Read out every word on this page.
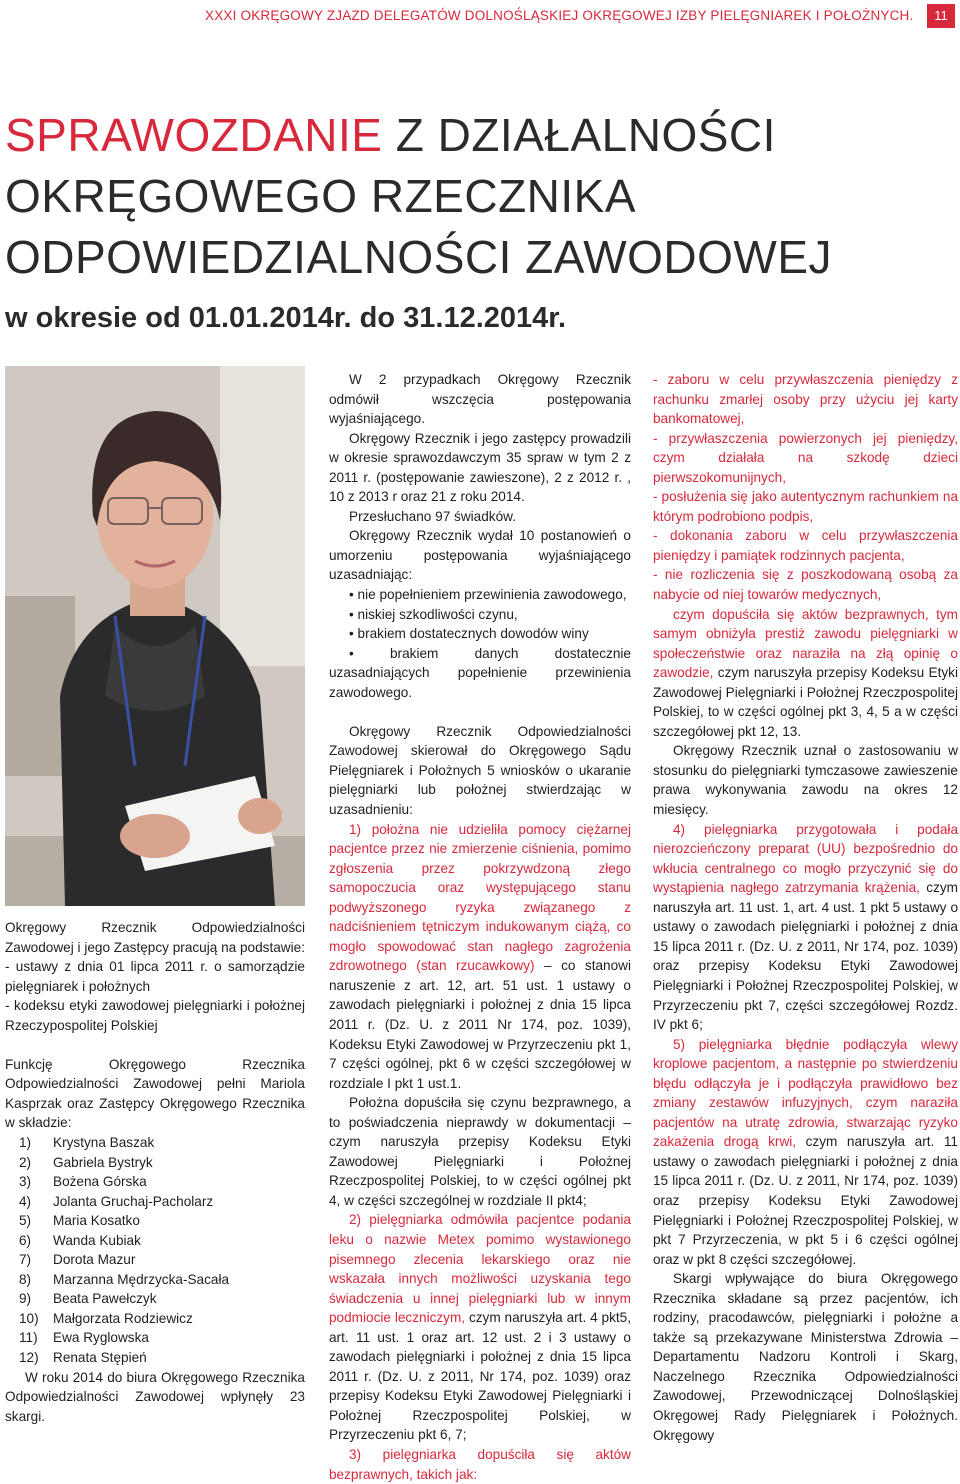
XXXI OKRĘGOWY ZJAZD DELEGATÓW DOLNOŚLĄSKIEJ OKRĘGOWEJ IZBY PIELĘGNIAREK I POŁOŻNYCH.	11
SPRAWOZDANIE Z DZIAŁALNOŚCI
OKRĘGOWEGO RZECZNIKA
ODPOWIEDZIALNOŚCI ZAWODOWEJ
w okresie od 01.01.2014r. do 31.12.2014r.

Okręgowy Rzecznik Odpowiedzialności Zawodowej i jego Zastępcy pracują na podstawie:

- ustawy z dnia 01 lipca 2011 r. o samorządzie pielęgniarek i położnych

- kodeksu etyki zawodowej pielęgniarki i położnej Rzeczypospolitej Polskiej

Funkcję Okręgowego Rzecznika Odpowiedzialności Zawodowej pełni Mariola Kasprzak oraz Zastępcy Okręgowego Rzecznika w składzie:

1)	Krystyna Baszak
2)	Gabriela Bystryk
3)	Bożena Górska
4)	Jolanta Gruchaj-Pacholarz
5)	Maria Kosatko
6)	Wanda Kubiak
7)	Dorota Mazur
8)	Marzanna Mędrzycka-Sacała
9)	Beata Pawełczyk
10)	Małgorzata Rodziewicz
11)	Ewa Ryglowska
12)	Renata Stępień

W roku 2014 do biura Okręgowego Rzecznika Odpowiedzialności Zawodowej wpłynęły 23 skargi.

W 2 przypadkach Okręgowy Rzecznik odmówił wszczęcia postępowania wyjaśniającego.

Okręgowy Rzecznik i jego zastępcy prowadzili w okresie sprawozdawczym 35 spraw w tym 2 z 2011 r. (postępowanie zawieszone), 2 z 2012 r. , 10 z 2013 r oraz 21 z roku 2014.

Przesłuchano 97 świadków.

Okręgowy Rzecznik wydał 10 postanowień o umorzeniu postępowania wyjaśniającego uzasadniając:

• nie popełnieniem przewinienia zawodowego,

• niskiej szkodliwości czynu,

• brakiem dostatecznych dowodów winy

• brakiem danych dostatecznie uzasadniających popełnienie przewinienia zawodowego.

Okręgowy Rzecznik Odpowiedzialności Zawodowej skierował do Okręgowego Sądu Pielęgniarek i Położnych 5 wniosków o ukaranie pielęgniarki lub położnej stwierdzając w uzasadnieniu:

1) położna nie udzieliła pomocy ciężarnej pacjentce przez nie zmierzenie ciśnienia, pomimo zgłoszenia przez pokrzywdzoną złego samopoczucia oraz występującego stanu podwyższonego ryzyka związanego z nadciśnieniem tętniczym indukowanym ciążą, co mogło spowodować stan nagłego zagrożenia zdrowotnego (stan rzucawkowy) – co stanowi naruszenie z art. 12, art. 51 ust. 1 ustawy o zawodach pielęgniarki i położnej z dnia 15 lipca 2011 r. (Dz. U. z 2011 Nr 174, poz. 1039), Kodeksu Etyki Zawodowej w Przyrzeczeniu pkt 1, 7 części ogólnej, pkt 6 w części szczegółowej w rozdziale I pkt 1 ust.1.

Położna dopuściła się czynu bezprawnego, a to poświadczenia nieprawdy w dokumentacji – czym naruszyła przepisy Kodeksu Etyki Zawodowej Pielęgniarki i Położnej Rzeczpospolitej Polskiej, to w części ogólnej pkt 4, w części szczególnej w rozdziale II pkt4;

2) pielęgniarka odmówiła pacjentce podania leku o nazwie Metex pomimo wystawionego pisemnego zlecenia lekarskiego oraz nie wskazała innych możliwości uzyskania tego świadczenia u innej pielęgniarki lub w innym podmiocie leczniczym, czym naruszyła art. 4 pkt5, art. 11 ust. 1 oraz art. 12 ust. 2 i 3 ustawy o zawodach pielęgniarki i położnej z dnia 15 lipca 2011 r. (Dz. U. z 2011, Nr 174, poz. 1039) oraz przepisy Kodeksu Etyki Zawodowej Pielęgniarki i Położnej Rzeczpospolitej Polskiej, w Przyrzeczeniu pkt 6, 7;

3) pielęgniarka dopuściła się aktów bezprawnych, takich jak:

- zaboru w celu przywłaszczenia pieniędzy z rachunku zmarłej osoby przy użyciu jej karty bankomatowej,

- przywłaszczenia powierzonych jej pieniędzy, czym działała na szkodę dzieci pierwszokomunijnych,

- posłużenia się jako autentycznym rachunkiem na którym podrobiono podpis,

- dokonania zaboru w celu przywłaszczenia pieniędzy i pamiątek rodzinnych pacjenta,

- nie rozliczenia się z poszkodowaną osobą za nabycie od niej towarów medycznych,

czym dopuściła się aktów bezprawnych, tym samym obniżyła prestiż zawodu pielęgniarki w społeczeństwie oraz naraziła na złą opinię o zawodzie, czym naruszyła przepisy Kodeksu Etyki Zawodowej Pielęgniarki i Położnej Rzeczpospolitej Polskiej, to w części ogólnej pkt 3, 4, 5 a w części szczegółowej pkt 12, 13.

Okręgowy Rzecznik uznał o zastosowaniu w stosunku do pielęgniarki tymczasowe zawieszenie prawa wykonywania zawodu na okres 12 miesięcy.

4) pielęgniarka przygotowała i podała nierozcieńczony preparat (UU) bezpośrednio do wkłucia centralnego co mogło przyczynić się do wystąpienia nagłego zatrzymania krążenia, czym naruszyła art. 11 ust. 1, art. 4 ust. 1 pkt 5 ustawy o ustawy o zawodach pielęgniarki i położnej z dnia 15 lipca 2011 r. (Dz. U. z 2011, Nr 174, poz. 1039) oraz przepisy Kodeksu Etyki Zawodowej Pielęgniarki i Położnej Rzeczpospolitej Polskiej, w Przyrzeczeniu pkt 7, części szczegółowej Rozdz. IV pkt 6;

5) pielęgniarka błędnie podłączyła wlewy kroplowe pacjentom, a następnie po stwierdzeniu błędu odłączyła je i podłączyła prawidłowo bez zmiany zestawów infuzyjnych, czym naraziła pacjentów na utratę zdrowia, stwarzając ryzyko zakażenia drogą krwi, czym naruszyła art. 11 ustawy o zawodach pielęgniarki i położnej z dnia 15 lipca 2011 r. (Dz. U. z 2011, Nr 174, poz. 1039) oraz przepisy Kodeksu Etyki Zawodowej Pielęgniarki i Położnej Rzeczpospolitej Polskiej, w pkt 7 Przyrzeczenia, w pkt 5 i 6 części ogólnej oraz w pkt 8 części szczegółowej.

Skargi wpływające do biura Okręgowego Rzecznika składane są przez pacjentów, ich rodziny, pracodawców, pielęgniarki i położne a także są przekazywane Ministerstwa Zdrowia – Departamentu Nadzoru Kontroli i Skarg, Naczelnego Rzecznika Odpowiedzialności Zawodowej, Przewodniczącej Dolnośląskiej Okręgowej Rady Pielęgniarek i Położnych. Okręgowy
